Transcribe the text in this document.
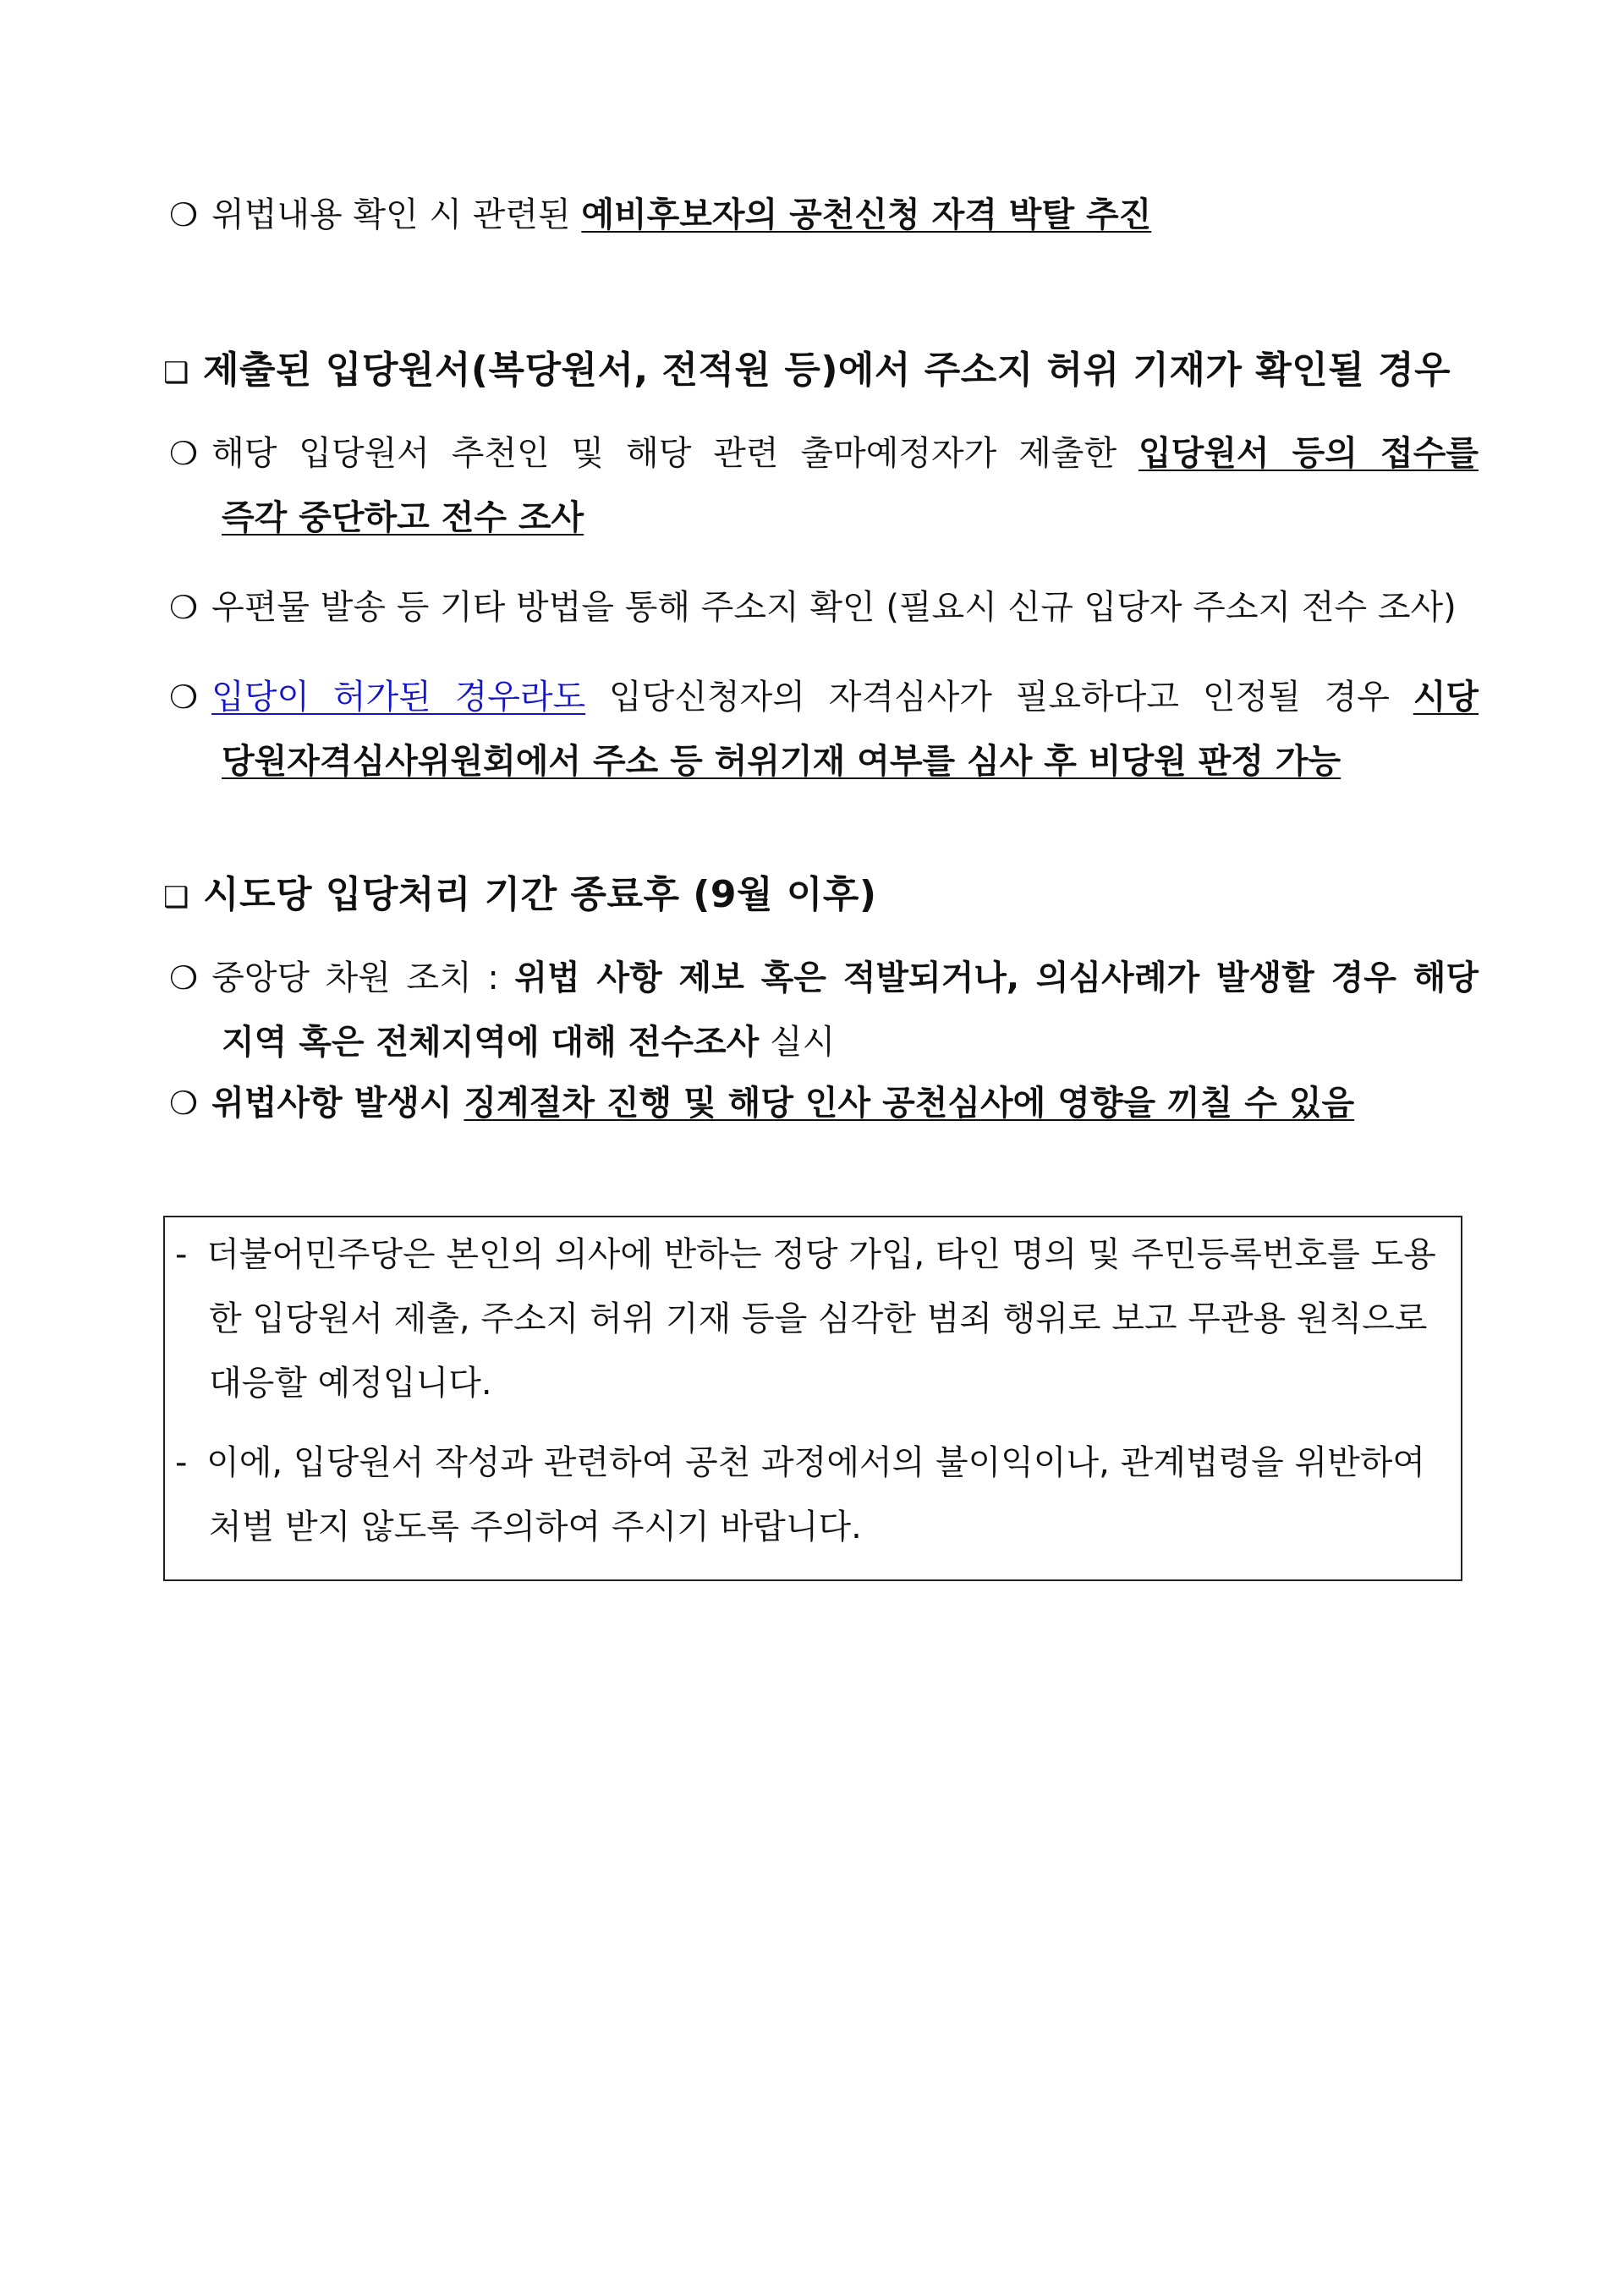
❍ 위법내용 확인 시 관련된 예비후보자의 공천신청 자격 박탈 추진
❑ 제출된 입당원서(복당원서, 전적원 등)에서 주소지 허위 기재가 확인될 경우
❍ 해당 입당원서 추천인 및 해당 관련 출마예정자가 제출한 입당원서 등의 접수를
즉각 중단하고 전수 조사
❍ 우편물 발송 등 기타 방법을 통해 주소지 확인 (필요시 신규 입당자 주소지 전수 조사)
❍ 입당이 허가된 경우라도 입당신청자의 자격심사가 필요하다고 인정될 경우 시당
당원자격심사위원회에서 주소 등 허위기재 여부를 심사 후 비당원 판정 가능
❑ 시도당 입당처리 기간 종료후 (9월 이후)
❍ 중앙당 차원 조치 : 위법 사항 제보 혹은 적발되거나, 의심사례가 발생할 경우 해당
지역 혹은 전체지역에 대해 전수조사 실시
❍ 위법사항 발생시 징계절차 진행 및 해당 인사 공천심사에 영향을 끼칠 수 있음
- 더불어민주당은 본인의 의사에 반하는 정당 가입, 타인 명의 및 주민등록번호를 도용
한 입당원서 제출, 주소지 허위 기재 등을 심각한 범죄 행위로 보고 무관용 원칙으로
대응할 예정입니다.
- 이에, 입당원서 작성과 관련하여 공천 과정에서의 불이익이나, 관계법령을 위반하여
처벌 받지 않도록 주의하여 주시기 바랍니다.
